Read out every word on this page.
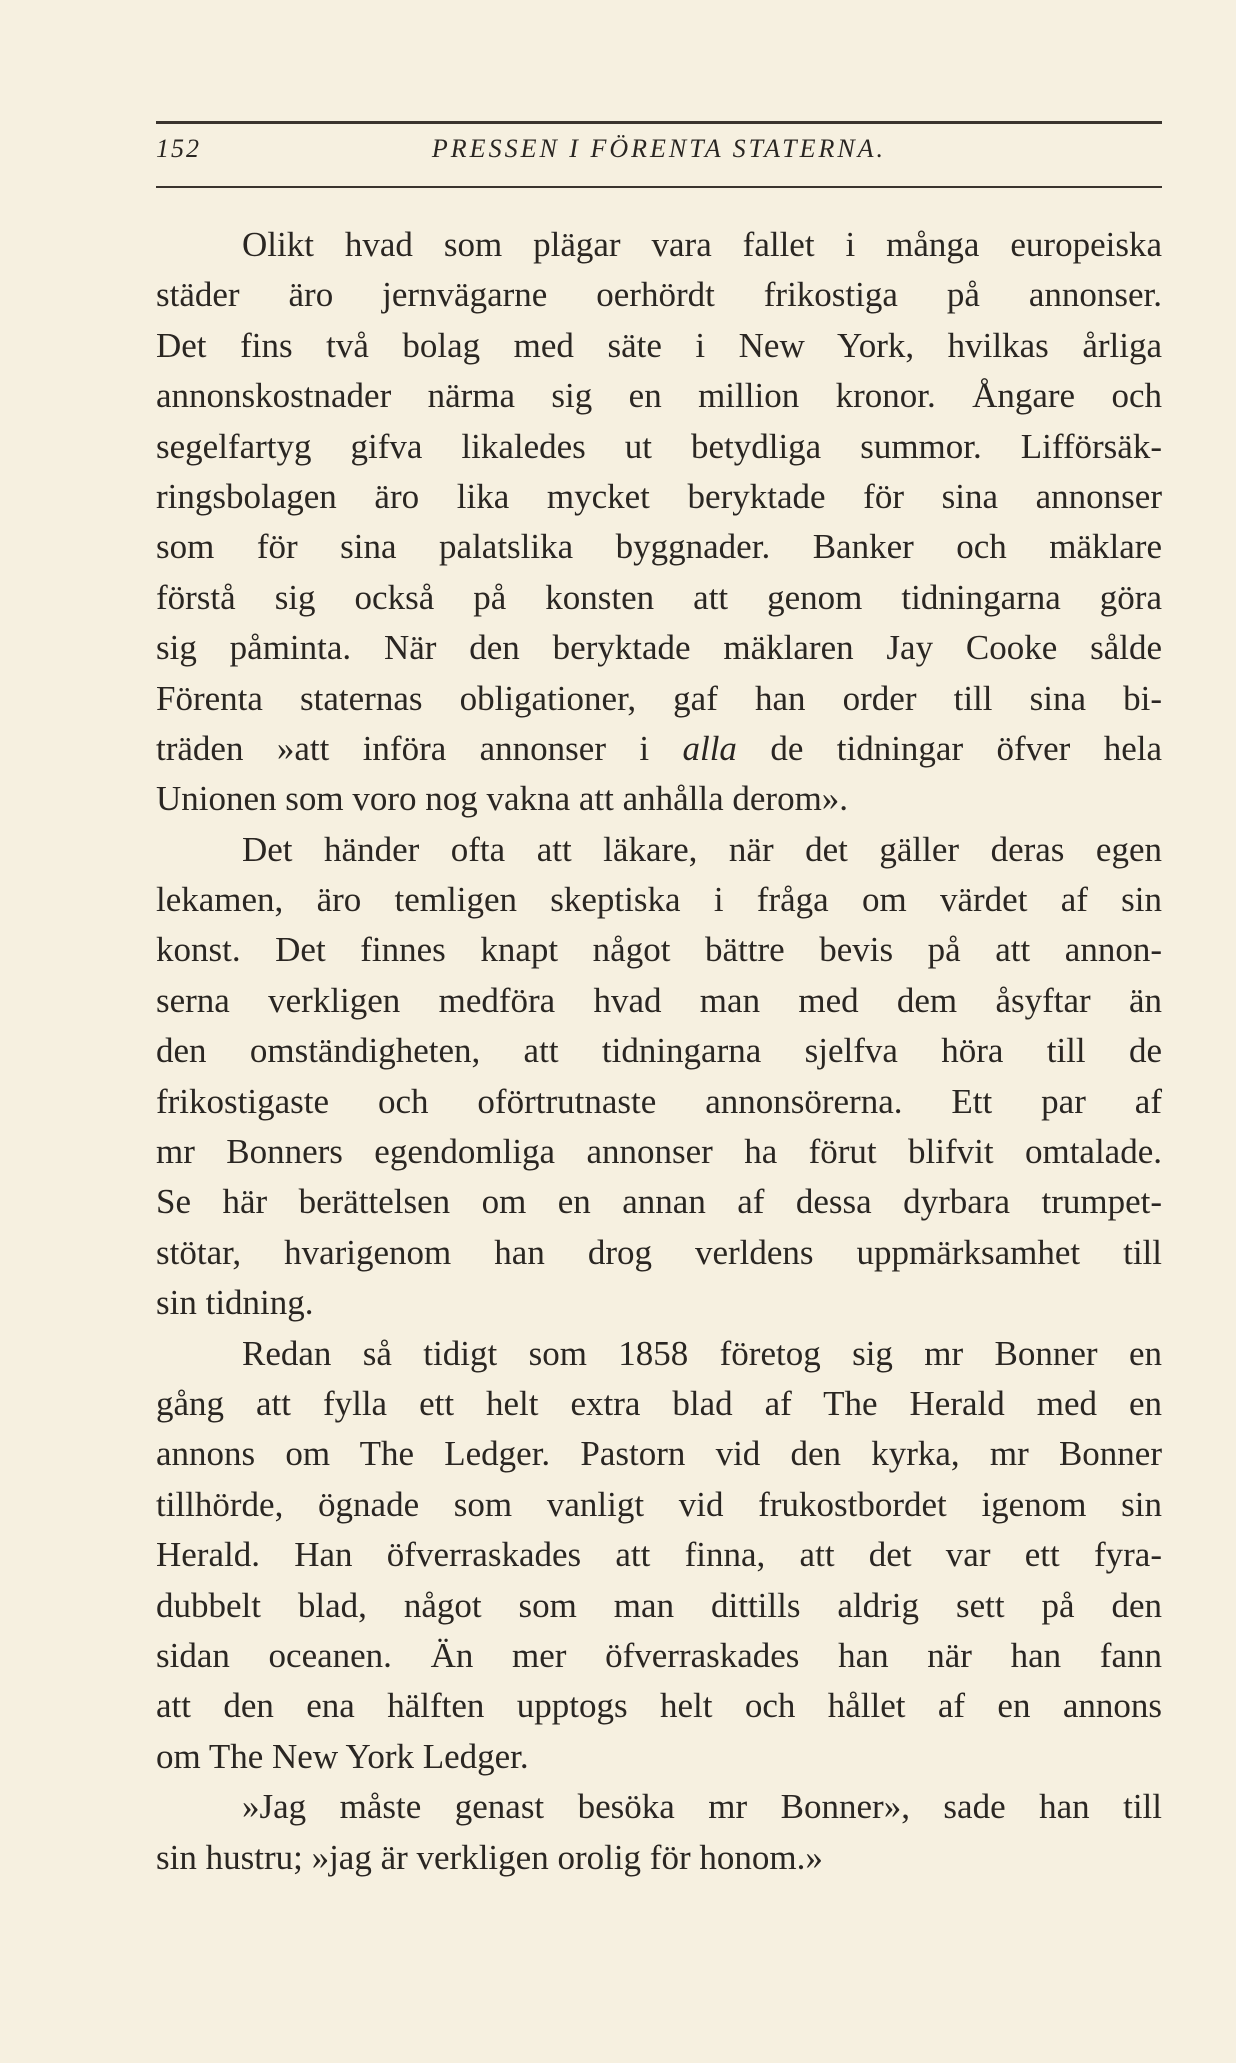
152	PRESSEN I FÖRENTA STATERNA.
Olikt hvad som plägar vara fallet i många europeiska
städer äro jernvägarne oerhördt frikostiga på annonser.
Det fins två bolag med säte i New York, hvilkas årliga
annonskostnader närma sig en million kronor. Ångare och
segelfartyg gifva likaledes ut betydliga summor. Lifförsäk-
ringsbolagen äro lika mycket beryktade för sina annonser
som för sina palatslika byggnader. Banker och mäklare
förstå sig också på konsten att genom tidningarna göra
sig påminta. När den beryktade mäklaren Jay Cooke sålde
Förenta staternas obligationer, gaf han order till sina bi-
träden »att införa annonser i alla de tidningar öfver hela
Unionen som voro nog vakna att anhålla derom».
Det händer ofta att läkare, när det gäller deras egen
lekamen, äro temligen skeptiska i fråga om värdet af sin
konst. Det finnes knapt något bättre bevis på att annon-
serna verkligen medföra hvad man med dem åsyftar än
den omständigheten, att tidningarna sjelfva höra till de
frikostigaste och oförtrutnaste annonsörerna. Ett par af
mr Bonners egendomliga annonser ha förut blifvit omtalade.
Se här berättelsen om en annan af dessa dyrbara trumpet-
stötar, hvarigenom han drog verldens uppmärksamhet till
sin tidning.
Redan så tidigt som 1858 företog sig mr Bonner en
gång att fylla ett helt extra blad af The Herald med en
annons om The Ledger. Pastorn vid den kyrka, mr Bonner
tillhörde, ögnade som vanligt vid frukostbordet igenom sin
Herald. Han öfverraskades att finna, att det var ett fyra-
dubbelt blad, något som man dittills aldrig sett på den
sidan oceanen. Än mer öfverraskades han när han fann
att den ena hälften upptogs helt och hållet af en annons
om The New York Ledger.
»Jag måste genast besöka mr Bonner», sade han till
sin hustru; »jag är verkligen orolig för honom.»
